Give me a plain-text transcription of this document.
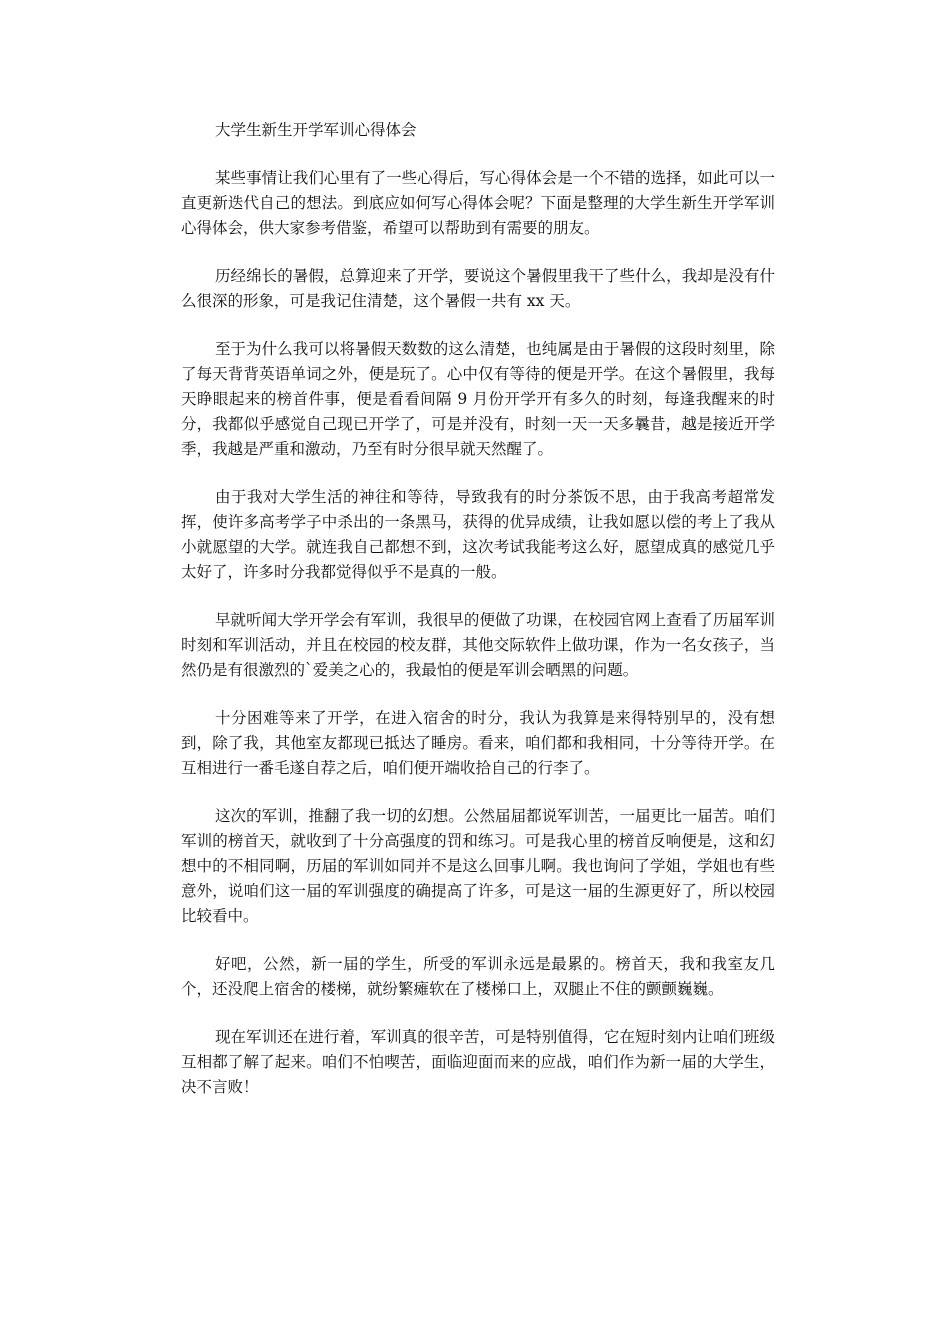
大学生新生开学军训心得体会

某些事情让我们心里有了一些心得后，写心得体会是一个不错的选择，如此可以一直更新迭代自己的想法。到底应如何写心得体会呢？下面是整理的大学生新生开学军训心得体会，供大家参考借鉴，希望可以帮助到有需要的朋友。

历经绵长的暑假，总算迎来了开学，要说这个暑假里我干了些什么，我却是没有什么很深的形象，可是我记住清楚，这个暑假一共有 xx 天。

至于为什么我可以将暑假天数数的这么清楚，也纯属是由于暑假的这段时刻里，除了每天背背英语单词之外，便是玩了。心中仅有等待的便是开学。在这个暑假里，我每天睁眼起来的榜首件事，便是看看间隔 9 月份开学开有多久的时刻，每逢我醒来的时分，我都似乎感觉自己现已开学了，可是并没有，时刻一天一天多曩昔，越是接近开学季，我越是严重和激动，乃至有时分很早就天然醒了。

由于我对大学生活的神往和等待，导致我有的时分茶饭不思，由于我高考超常发挥，使许多高考学子中杀出的一条黑马，获得的优异成绩，让我如愿以偿的考上了我从小就愿望的大学。就连我自己都想不到，这次考试我能考这么好，愿望成真的感觉几乎太好了，许多时分我都觉得似乎不是真的一般。

早就听闻大学开学会有军训，我很早的便做了功课，在校园官网上查看了历届军训时刻和军训活动，并且在校园的校友群，其他交际软件上做功课，作为一名女孩子，当然仍是有很激烈的`爱美之心的，我最怕的便是军训会晒黑的问题。

十分困难等来了开学，在进入宿舍的时分，我认为我算是来得特别早的，没有想到，除了我，其他室友都现已抵达了睡房。看来，咱们都和我相同，十分等待开学。在互相进行一番毛遂自荐之后，咱们便开端收拾自己的行李了。

这次的军训，推翻了我一切的幻想。公然届届都说军训苦，一届更比一届苦。咱们军训的榜首天，就收到了十分高强度的罚和练习。可是我心里的榜首反响便是，这和幻想中的不相同啊，历届的军训如同并不是这么回事儿啊。我也询问了学姐，学姐也有些意外，说咱们这一届的军训强度的确提高了许多，可是这一届的生源更好了，所以校园比较看中。

好吧，公然，新一届的学生，所受的军训永远是最累的。榜首天，我和我室友几个，还没爬上宿舍的楼梯，就纷繁瘫软在了楼梯口上，双腿止不住的颤颤巍巍。

现在军训还在进行着，军训真的很辛苦，可是特别值得，它在短时刻内让咱们班级互相都了解了起来。咱们不怕喫苦，面临迎面而来的应战，咱们作为新一届的大学生，决不言败！
